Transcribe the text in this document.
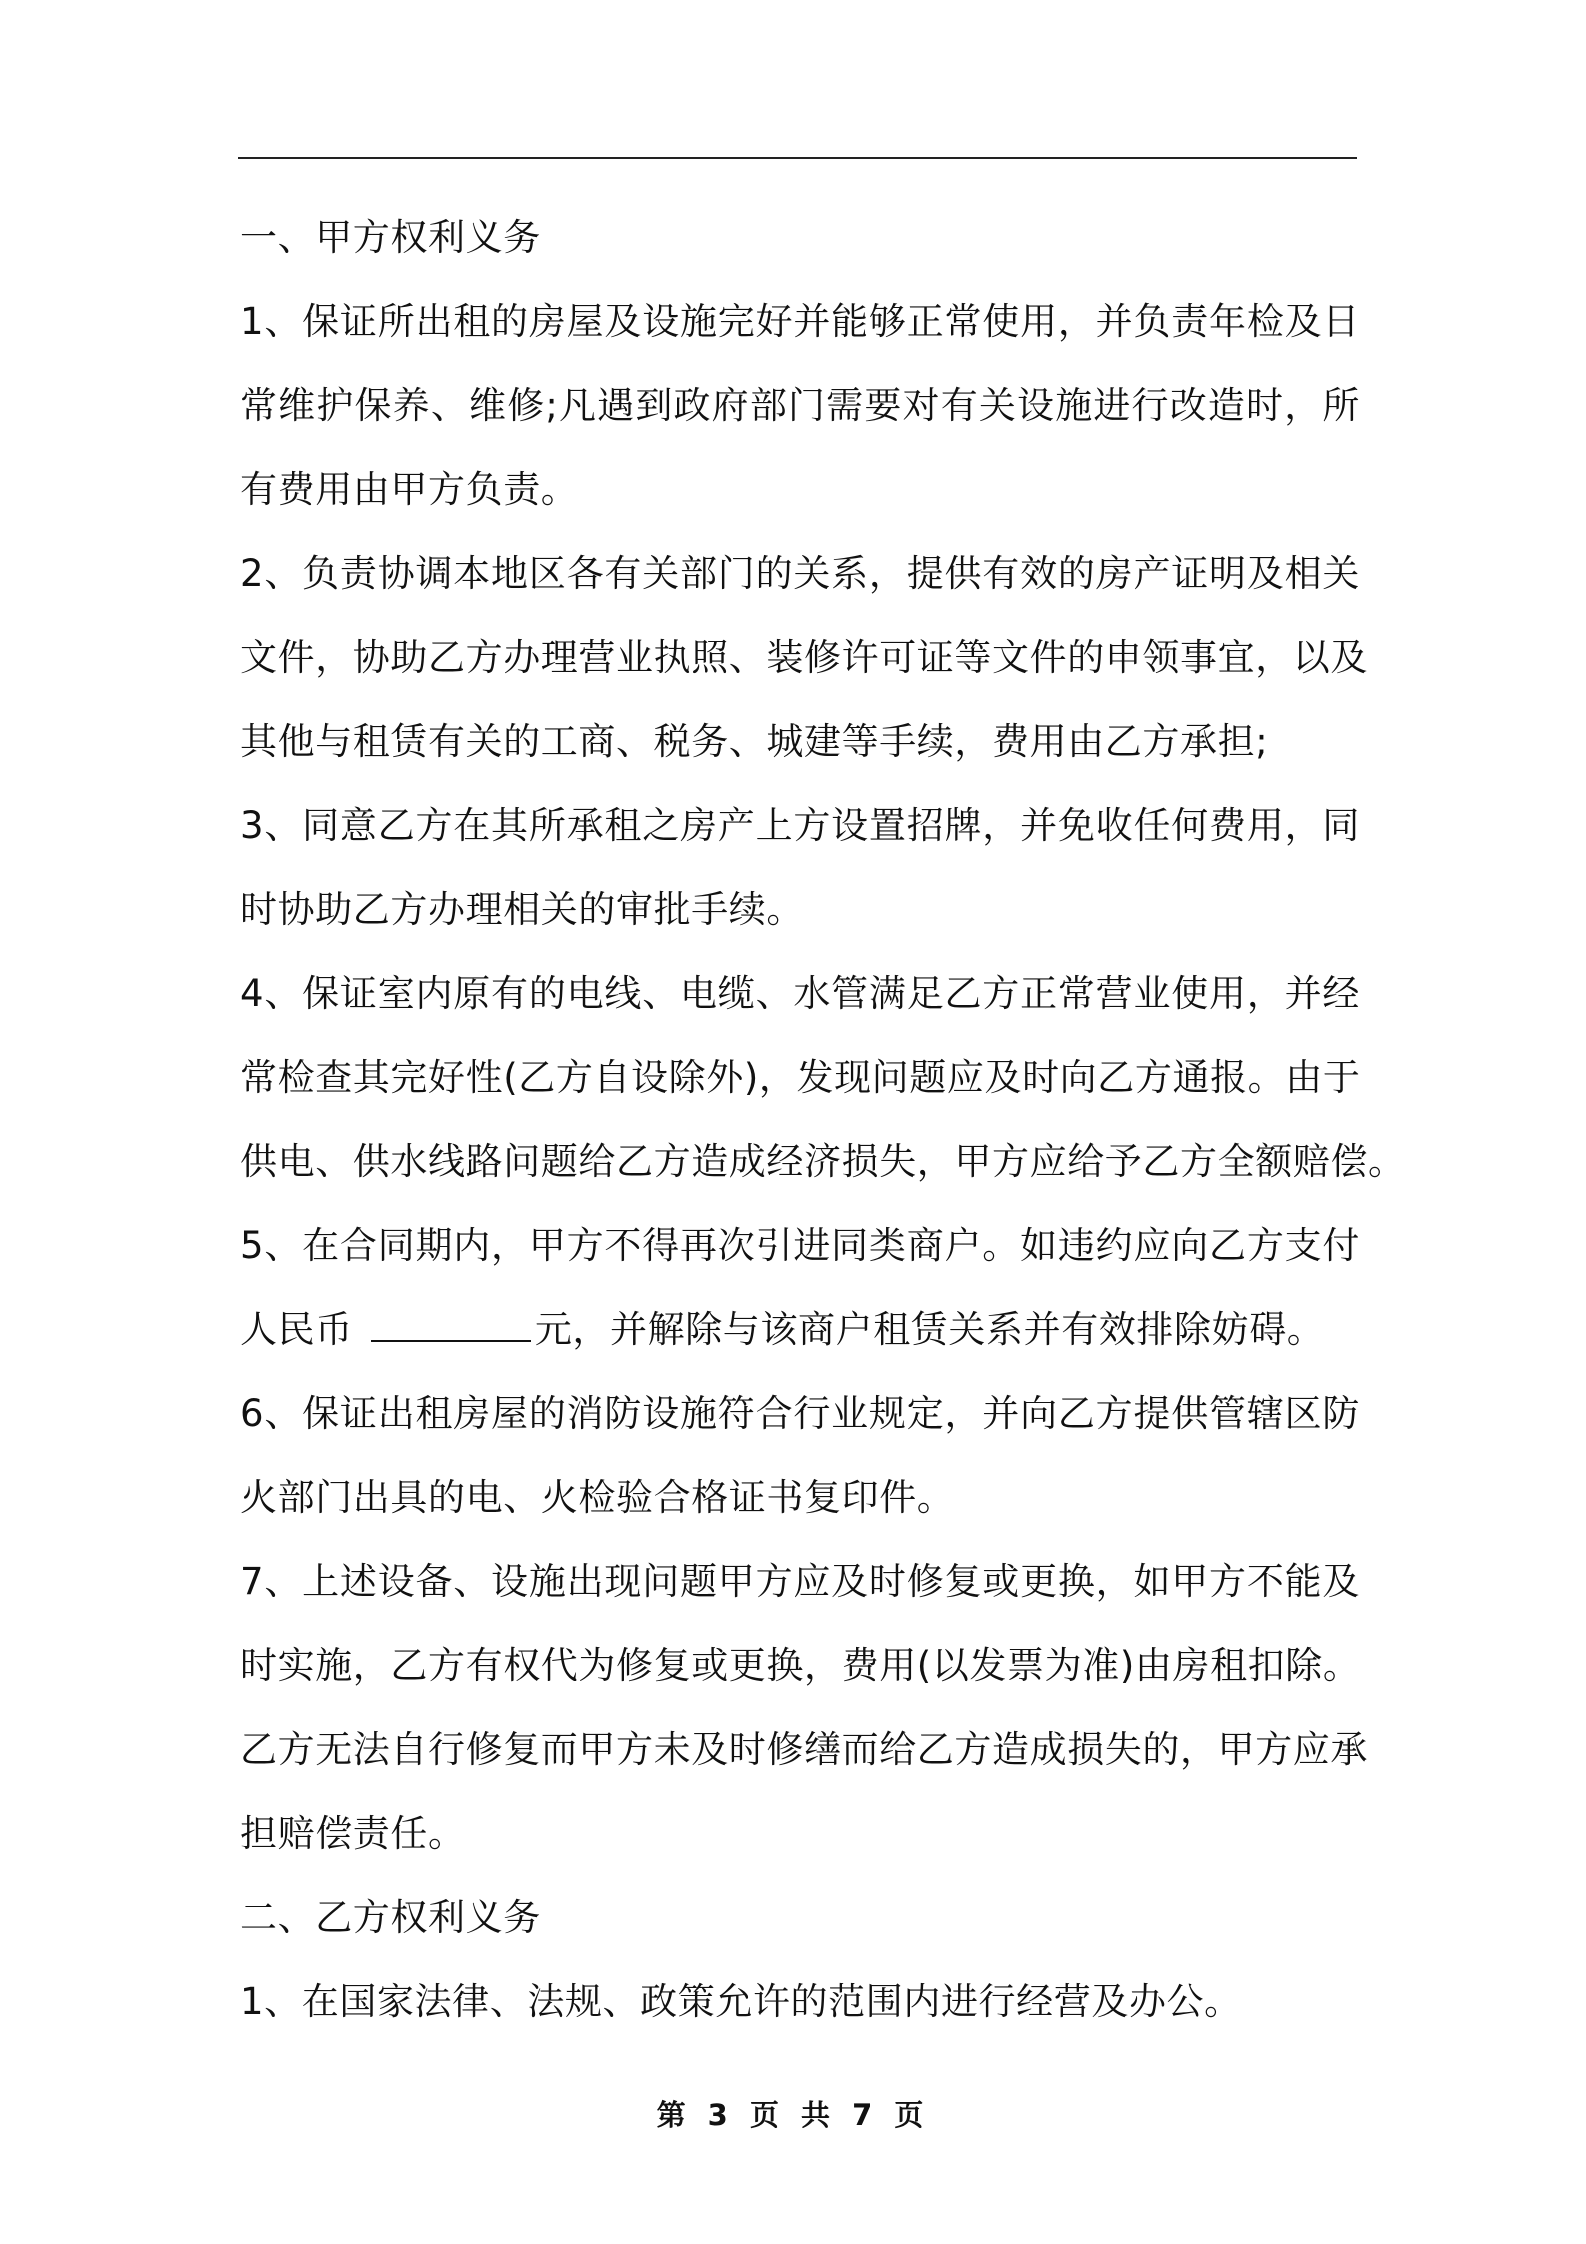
一、甲方权利义务
1、保证所出租的房屋及设施完好并能够正常使用，并负责年检及日
常维护保养、维修;凡遇到政府部门需要对有关设施进行改造时，所
有费用由甲方负责。
2、负责协调本地区各有关部门的关系，提供有效的房产证明及相关
文件，协助乙方办理营业执照、装修许可证等文件的申领事宜，以及
其他与租赁有关的工商、税务、城建等手续，费用由乙方承担;
3、同意乙方在其所承租之房产上方设置招牌，并免收任何费用，同
时协助乙方办理相关的审批手续。
4、保证室内原有的电线、电缆、水管满足乙方正常营业使用，并经
常检查其完好性(乙方自设除外)，发现问题应及时向乙方通报。由于
供电、供水线路问题给乙方造成经济损失，甲方应给予乙方全额赔偿。
5、在合同期内，甲方不得再次引进同类商户。如违约应向乙方支付
人民币	元，并解除与该商户租赁关系并有效排除妨碍。
6、保证出租房屋的消防设施符合行业规定，并向乙方提供管辖区防
火部门出具的电、火检验合格证书复印件。
7、上述设备、设施出现问题甲方应及时修复或更换，如甲方不能及
时实施，乙方有权代为修复或更换，费用(以发票为准)由房租扣除。
乙方无法自行修复而甲方未及时修缮而给乙方造成损失的，甲方应承
担赔偿责任。
二、乙方权利义务
1、在国家法律、法规、政策允许的范围内进行经营及办公。
第 3 页 共 7 页
